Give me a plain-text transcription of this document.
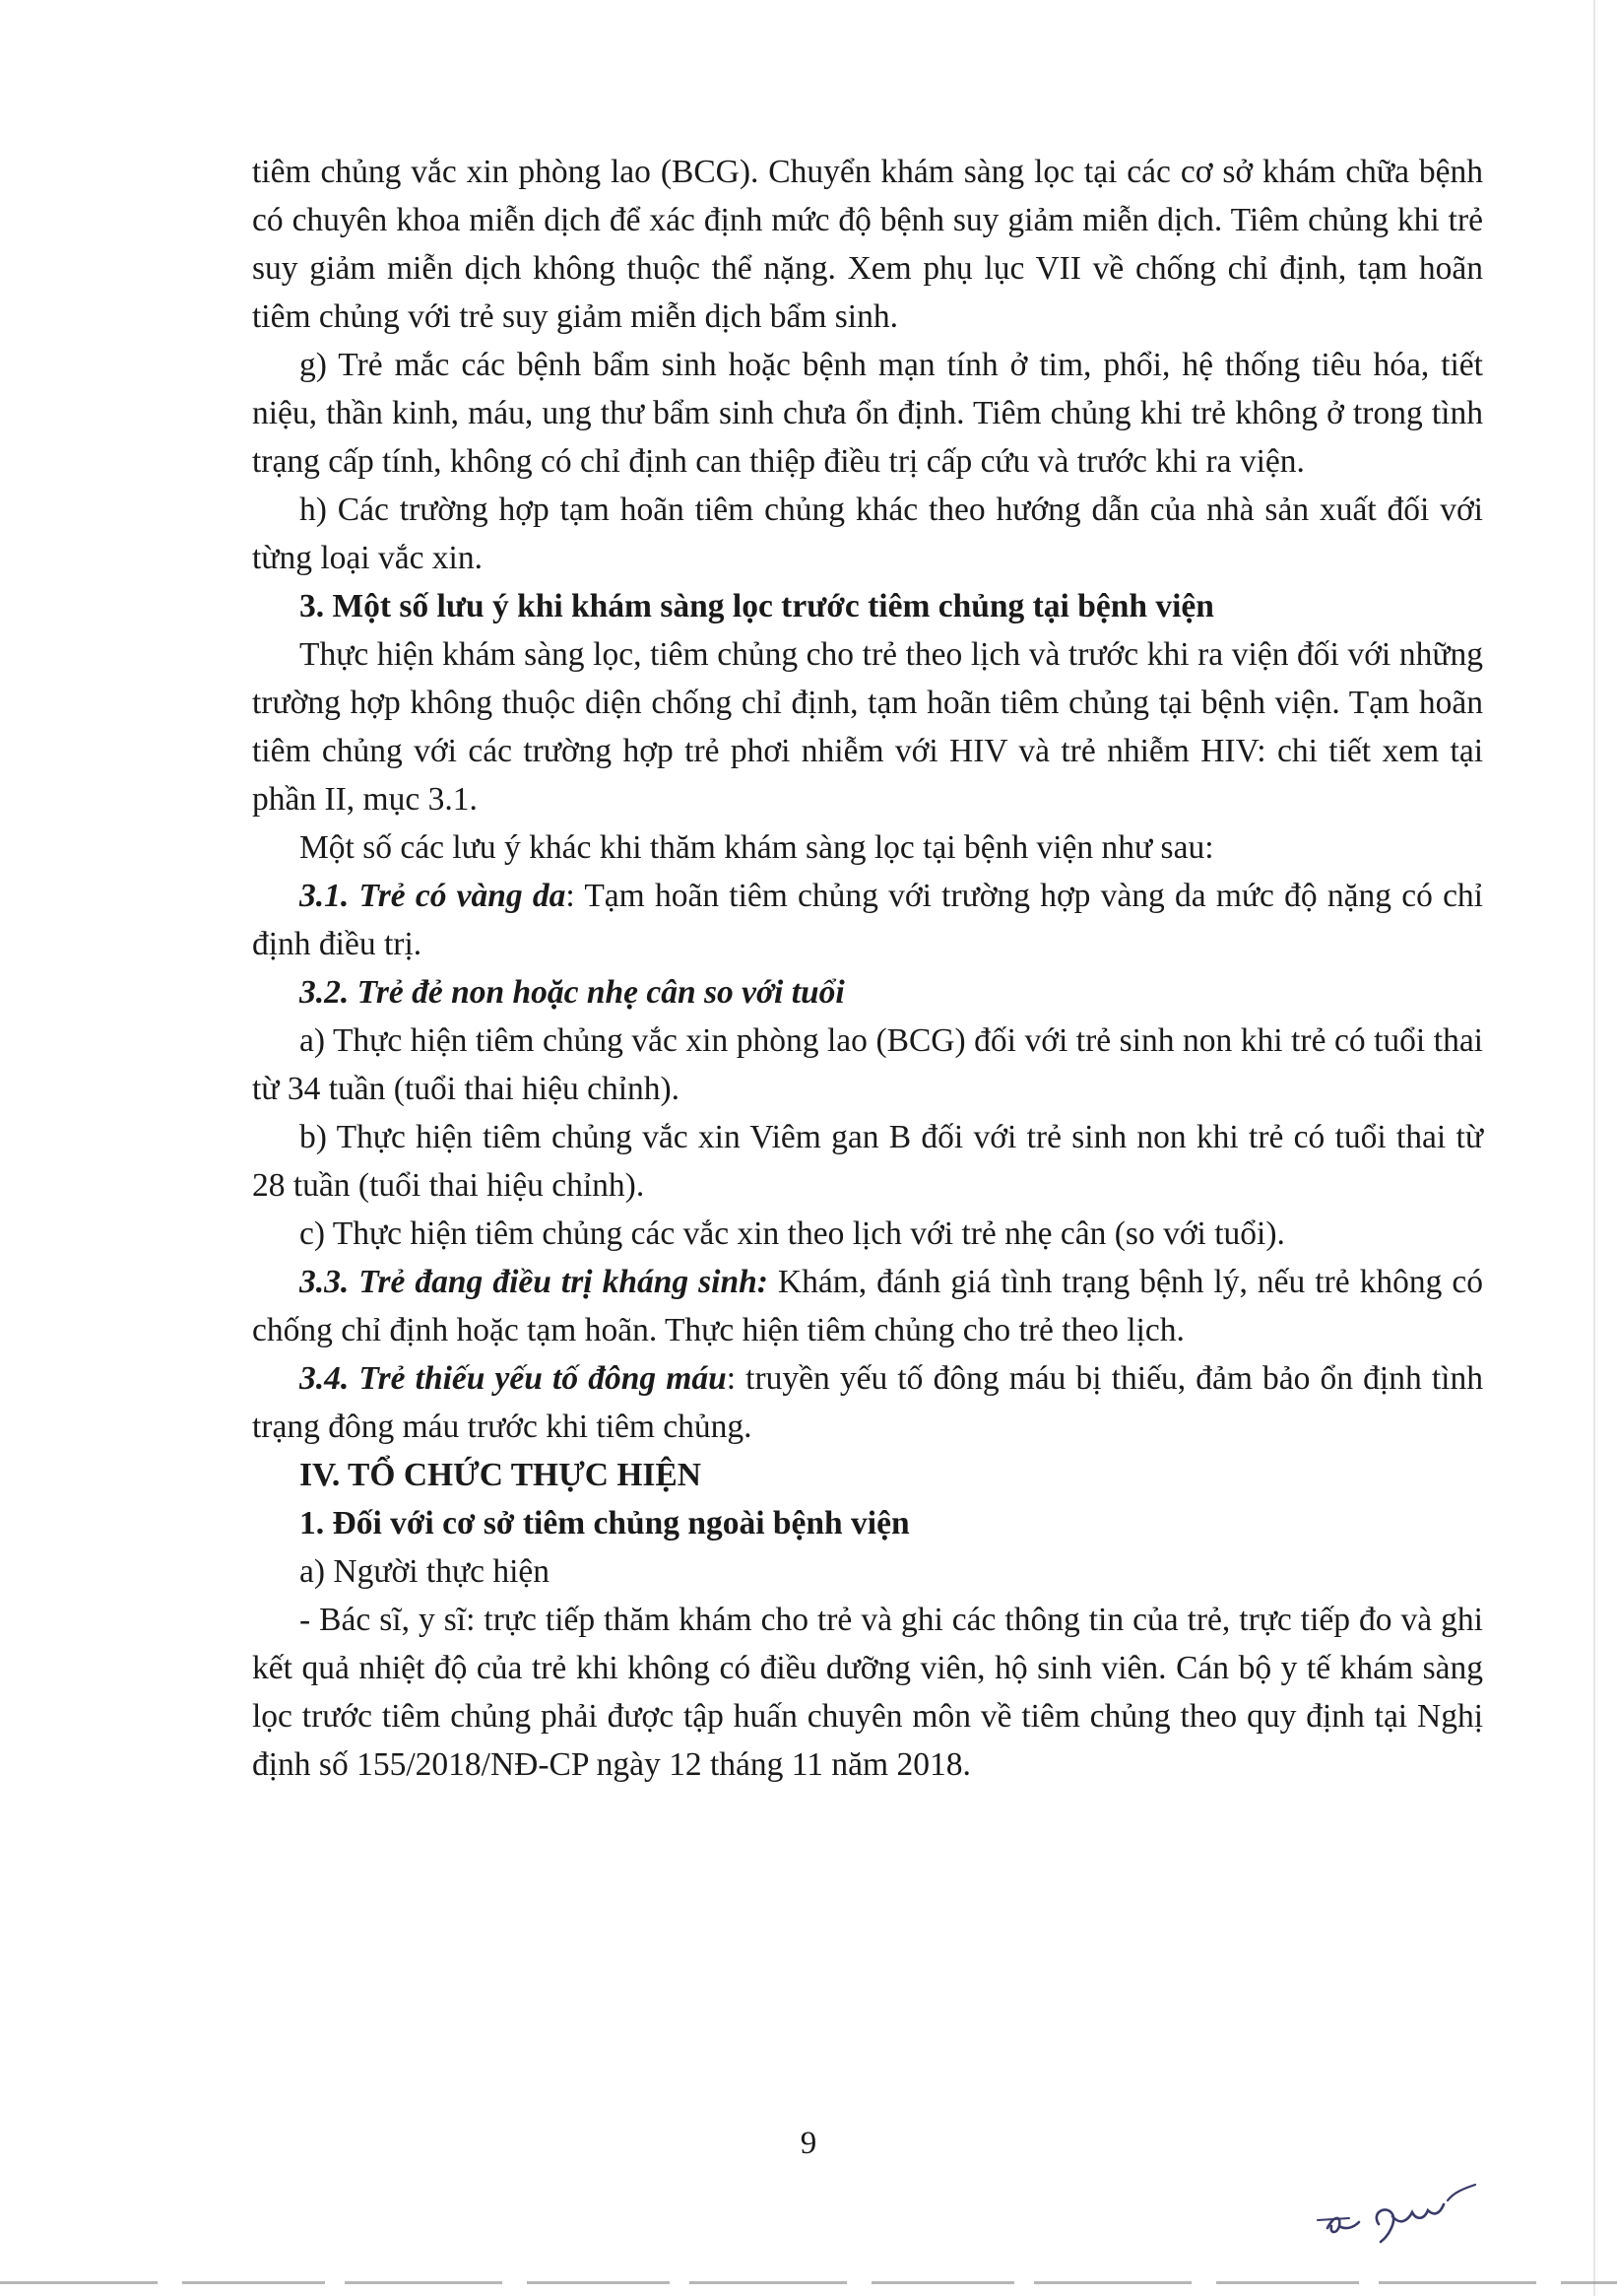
tiêm chủng vắc xin phòng lao (BCG). Chuyển khám sàng lọc tại các cơ sở khám chữa bệnh có chuyên khoa miễn dịch để xác định mức độ bệnh suy giảm miễn dịch. Tiêm chủng khi trẻ suy giảm miễn dịch không thuộc thể nặng. Xem phụ lục VII về chống chỉ định, tạm hoãn tiêm chủng với trẻ suy giảm miễn dịch bẩm sinh.

g) Trẻ mắc các bệnh bẩm sinh hoặc bệnh mạn tính ở tim, phổi, hệ thống tiêu hóa, tiết niệu, thần kinh, máu, ung thư bẩm sinh chưa ổn định. Tiêm chủng khi trẻ không ở trong tình trạng cấp tính, không có chỉ định can thiệp điều trị cấp cứu và trước khi ra viện.

h) Các trường hợp tạm hoãn tiêm chủng khác theo hướng dẫn của nhà sản xuất đối với từng loại vắc xin.

3. Một số lưu ý khi khám sàng lọc trước tiêm chủng tại bệnh viện

Thực hiện khám sàng lọc, tiêm chủng cho trẻ theo lịch và trước khi ra viện đối với những trường hợp không thuộc diện chống chỉ định, tạm hoãn tiêm chủng tại bệnh viện. Tạm hoãn tiêm chủng với các trường hợp trẻ phơi nhiễm với HIV và trẻ nhiễm HIV: chi tiết xem tại phần II, mục 3.1.

Một số các lưu ý khác khi thăm khám sàng lọc tại bệnh viện như sau:

3.1. Trẻ có vàng da: Tạm hoãn tiêm chủng với trường hợp vàng da mức độ nặng có chỉ định điều trị.

3.2. Trẻ đẻ non hoặc nhẹ cân so với tuổi

a) Thực hiện tiêm chủng vắc xin phòng lao (BCG) đối với trẻ sinh non khi trẻ có tuổi thai từ 34 tuần (tuổi thai hiệu chỉnh).

b) Thực hiện tiêm chủng vắc xin Viêm gan B đối với trẻ sinh non khi trẻ có tuổi thai từ 28 tuần (tuổi thai hiệu chỉnh).

c) Thực hiện tiêm chủng các vắc xin theo lịch với trẻ nhẹ cân (so với tuổi).

3.3. Trẻ đang điều trị kháng sinh: Khám, đánh giá tình trạng bệnh lý, nếu trẻ không có chống chỉ định hoặc tạm hoãn. Thực hiện tiêm chủng cho trẻ theo lịch.

3.4. Trẻ thiếu yếu tố đông máu: truyền yếu tố đông máu bị thiếu, đảm bảo ổn định tình trạng đông máu trước khi tiêm chủng.

IV. TỔ CHỨC THỰC HIỆN

1. Đối với cơ sở tiêm chủng ngoài bệnh viện

a) Người thực hiện

- Bác sĩ, y sĩ: trực tiếp thăm khám cho trẻ và ghi các thông tin của trẻ, trực tiếp đo và ghi kết quả nhiệt độ của trẻ khi không có điều dưỡng viên, hộ sinh viên. Cán bộ y tế khám sàng lọc trước tiêm chủng phải được tập huấn chuyên môn về tiêm chủng theo quy định tại Nghị định số 155/2018/NĐ-CP ngày 12 tháng 11 năm 2018.

9
